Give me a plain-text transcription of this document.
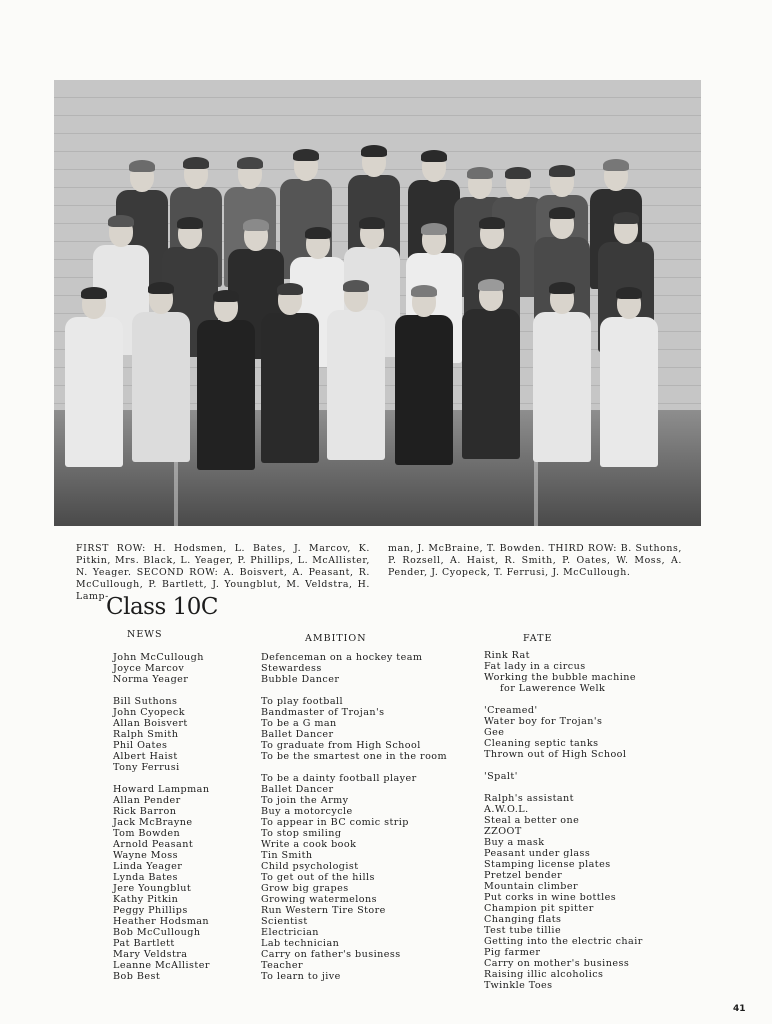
FIRST ROW: H. Hodsmen, L. Bates, J. Marcov, K. Pitkin, Mrs. Black, L. Yeager, P. Phillips, L. McAllister, N. Yeager. SECOND ROW: A. Boisvert, A. Peasant, R. McCullough, P. Bartlett, J. Youngblut, M. Veldstra, H. Lamp-
man, J. McBraine, T. Bowden. THIRD ROW: B. Suthons, P. Rozsell, A. Haist, R. Smith, P. Oates, W. Moss, A. Pender, J. Cyopeck, T. Ferrusi, J. McCullough.
Class 10C
NEWS	AMBITION	FATE
John McCullough
Joyce Marcov
Norma Yeager
Bill Suthons
John Cyopeck
Allan Boisvert
Ralph Smith
Phil Oates
Albert Haist
Tony Ferrusi
Howard Lampman
Allan Pender
Rick Barron
Jack McBrayne
Tom Bowden
Arnold Peasant
Wayne Moss
Linda Yeager
Lynda Bates
Jere Youngblut
Kathy Pitkin
Peggy Phillips
Heather Hodsman
Bob McCullough
Pat Bartlett
Mary Veldstra
Leanne McAllister
Bob Best
Defenceman on a hockey team
Stewardess
Bubble Dancer
To play football
Bandmaster of Trojan's
To be a G man
Ballet Dancer
To graduate from High School
To be the smartest one in the room
To be a dainty football player
Ballet Dancer
To join the Army
Buy a motorcycle
To appear in BC comic strip
To stop smiling
Write a cook book
Tin Smith
Child psychologist
To get out of the hills
Grow big grapes
Growing watermelons
Run Western Tire Store
Scientist
Electrician
Lab technician
Carry on father's business
Teacher
To learn to jive
Rink Rat
Fat lady in a circus
Working the bubble machine
for Lawerence Welk
'Creamed'
Water boy for Trojan's
Gee
Cleaning septic tanks
Thrown out of High School
'Spalt'
Ralph's assistant
A.W.O.L.
Steal a better one
ZZOOT
Buy a mask
Peasant under glass
Stamping license plates
Pretzel bender
Mountain climber
Put corks in wine bottles
Champion pit spitter
Changing flats
Test tube tillie
Getting into the electric chair
Pig farmer
Carry on mother's business
Raising illic alcoholics
Twinkle Toes
41
